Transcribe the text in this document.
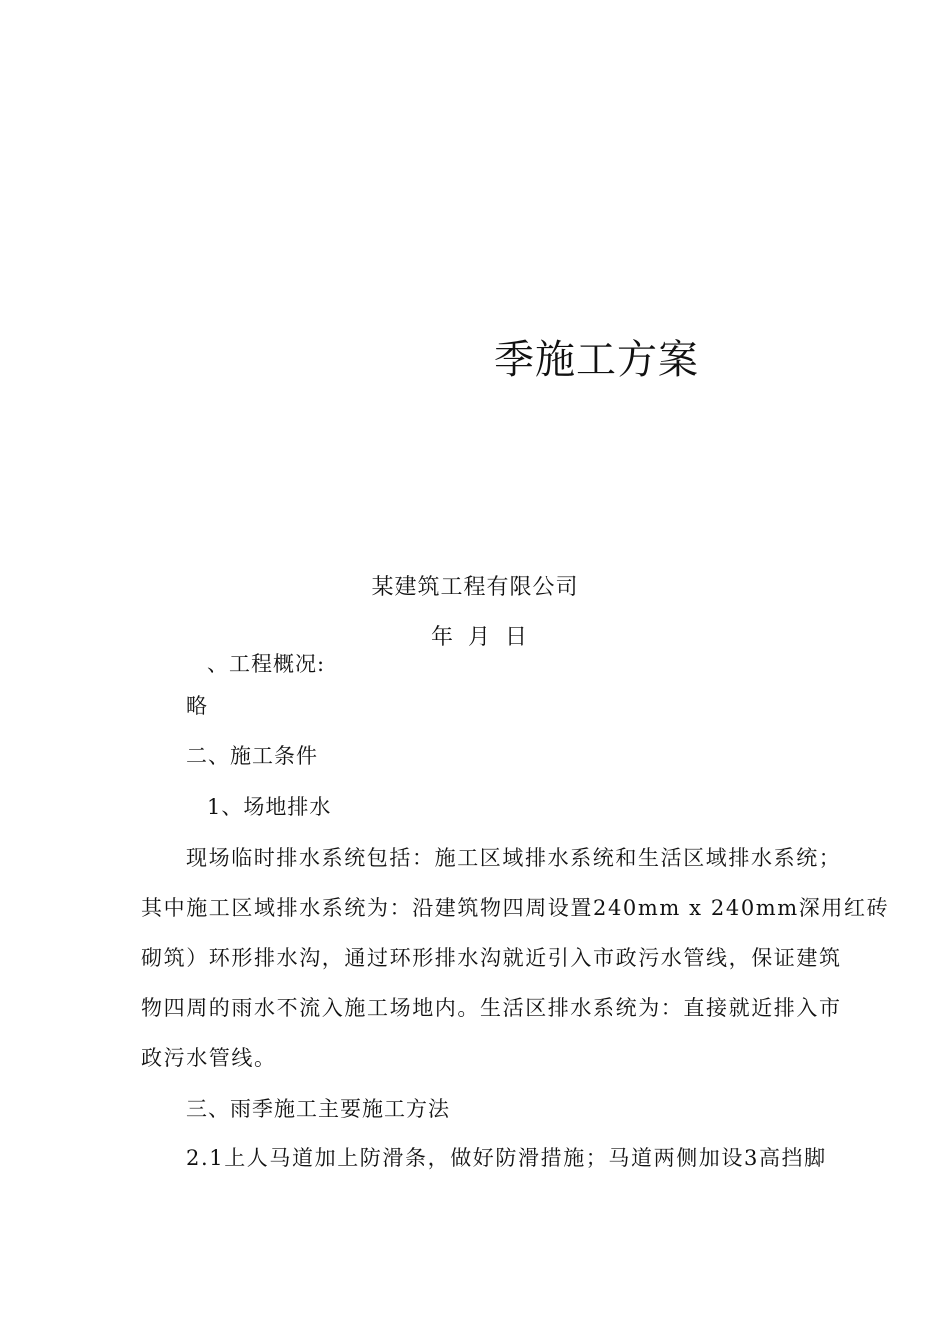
季施工方案
某建筑工程有限公司
年 月 日
、工程概况:
略
二、施工条件
1、场地排水
现场临时排水系统包括：施工区域排水系统和生活区域排水系统；
其中施工区域排水系统为：沿建筑物四周设置240mm x 240mm深用红砖
砌筑）环形排水沟，通过环形排水沟就近引入市政污水管线，保证建筑
物四周的雨水不流入施工场地内。生活区排水系统为：直接就近排入市
政污水管线。
三、雨季施工主要施工方法
2.1上人马道加上防滑条，做好防滑措施；马道两侧加设3高挡脚
